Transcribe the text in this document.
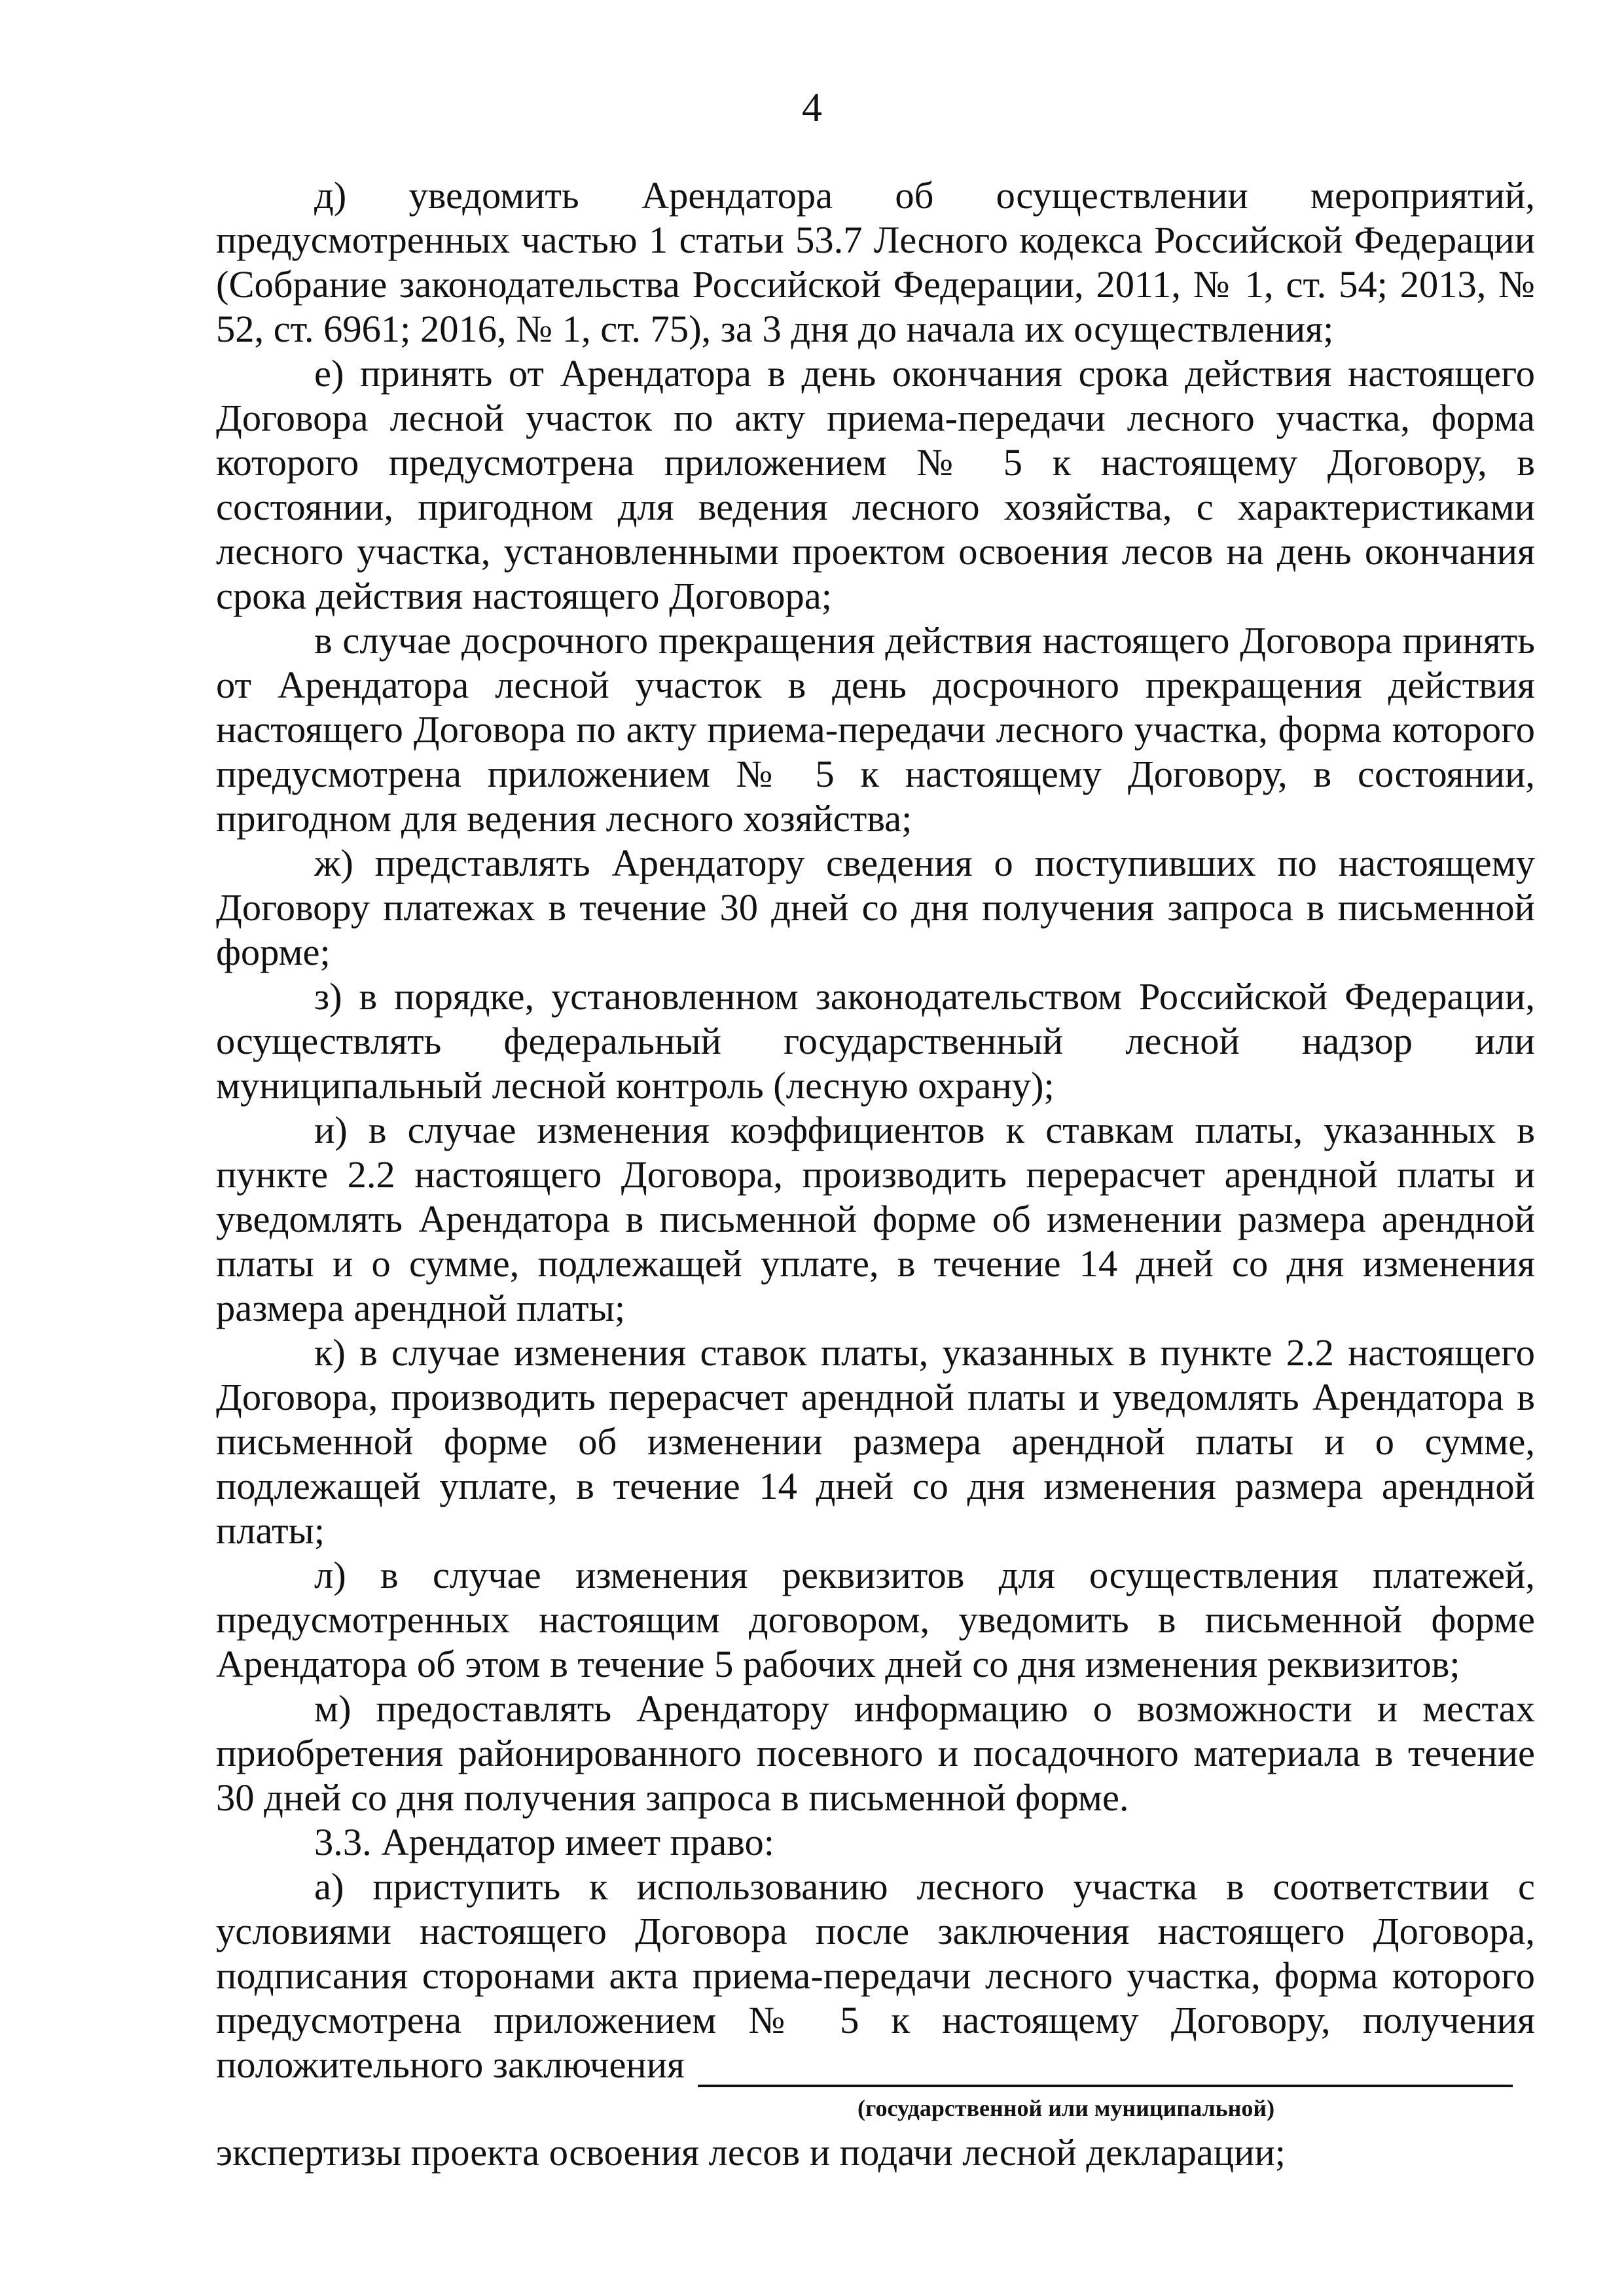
4

д) уведомить Арендатора об осуществлении мероприятий, предусмотренных частью 1 статьи 53.7 Лесного кодекса Российской Федерации (Собрание законодательства Российской Федерации, 2011, № 1, ст. 54; 2013, № 52, ст. 6961; 2016, № 1, ст. 75), за 3 дня до начала их осуществления;

е) принять от Арендатора в день окончания срока действия настоящего Договора лесной участок по акту приема-передачи лесного участка, форма которого предусмотрена приложением № 5 к настоящему Договору, в состоянии, пригодном для ведения лесного хозяйства, с характеристиками лесного участка, установленными проектом освоения лесов на день окончания срока действия настоящего Договора;

в случае досрочного прекращения действия настоящего Договора принять от Арендатора лесной участок в день досрочного прекращения действия настоящего Договора по акту приема-передачи лесного участка, форма которого предусмотрена приложением № 5 к настоящему Договору, в состоянии, пригодном для ведения лесного хозяйства;

ж) представлять Арендатору сведения о поступивших по настоящему Договору платежах в течение 30 дней со дня получения запроса в письменной форме;

з) в порядке, установленном законодательством Российской Федерации, осуществлять федеральный государственный лесной надзор или муниципальный лесной контроль (лесную охрану);

и) в случае изменения коэффициентов к ставкам платы, указанных в пункте 2.2 настоящего Договора, производить перерасчет арендной платы и уведомлять Арендатора в письменной форме об изменении размера арендной платы и о сумме, подлежащей уплате, в течение 14 дней со дня изменения размера арендной платы;

к) в случае изменения ставок платы, указанных в пункте 2.2 настоящего Договора, производить перерасчет арендной платы и уведомлять Арендатора в письменной форме об изменении размера арендной платы и о сумме, подлежащей уплате, в течение 14 дней со дня изменения размера арендной платы;

л) в случае изменения реквизитов для осуществления платежей, предусмотренных настоящим договором, уведомить в письменной форме Арендатора об этом в течение 5 рабочих дней со дня изменения реквизитов;

м) предоставлять Арендатору информацию о возможности и местах приобретения районированного посевного и посадочного материала в течение 30 дней со дня получения запроса в письменной форме.

3.3. Арендатор имеет право:

а) приступить к использованию лесного участка в соответствии с условиями настоящего Договора после заключения настоящего Договора, подписания сторонами акта приема-передачи лесного участка, форма которого предусмотрена приложением № 5 к настоящему Договору, получения

положительного заключения
(государственной или муниципальной)

экспертизы проекта освоения лесов и подачи лесной декларации;
